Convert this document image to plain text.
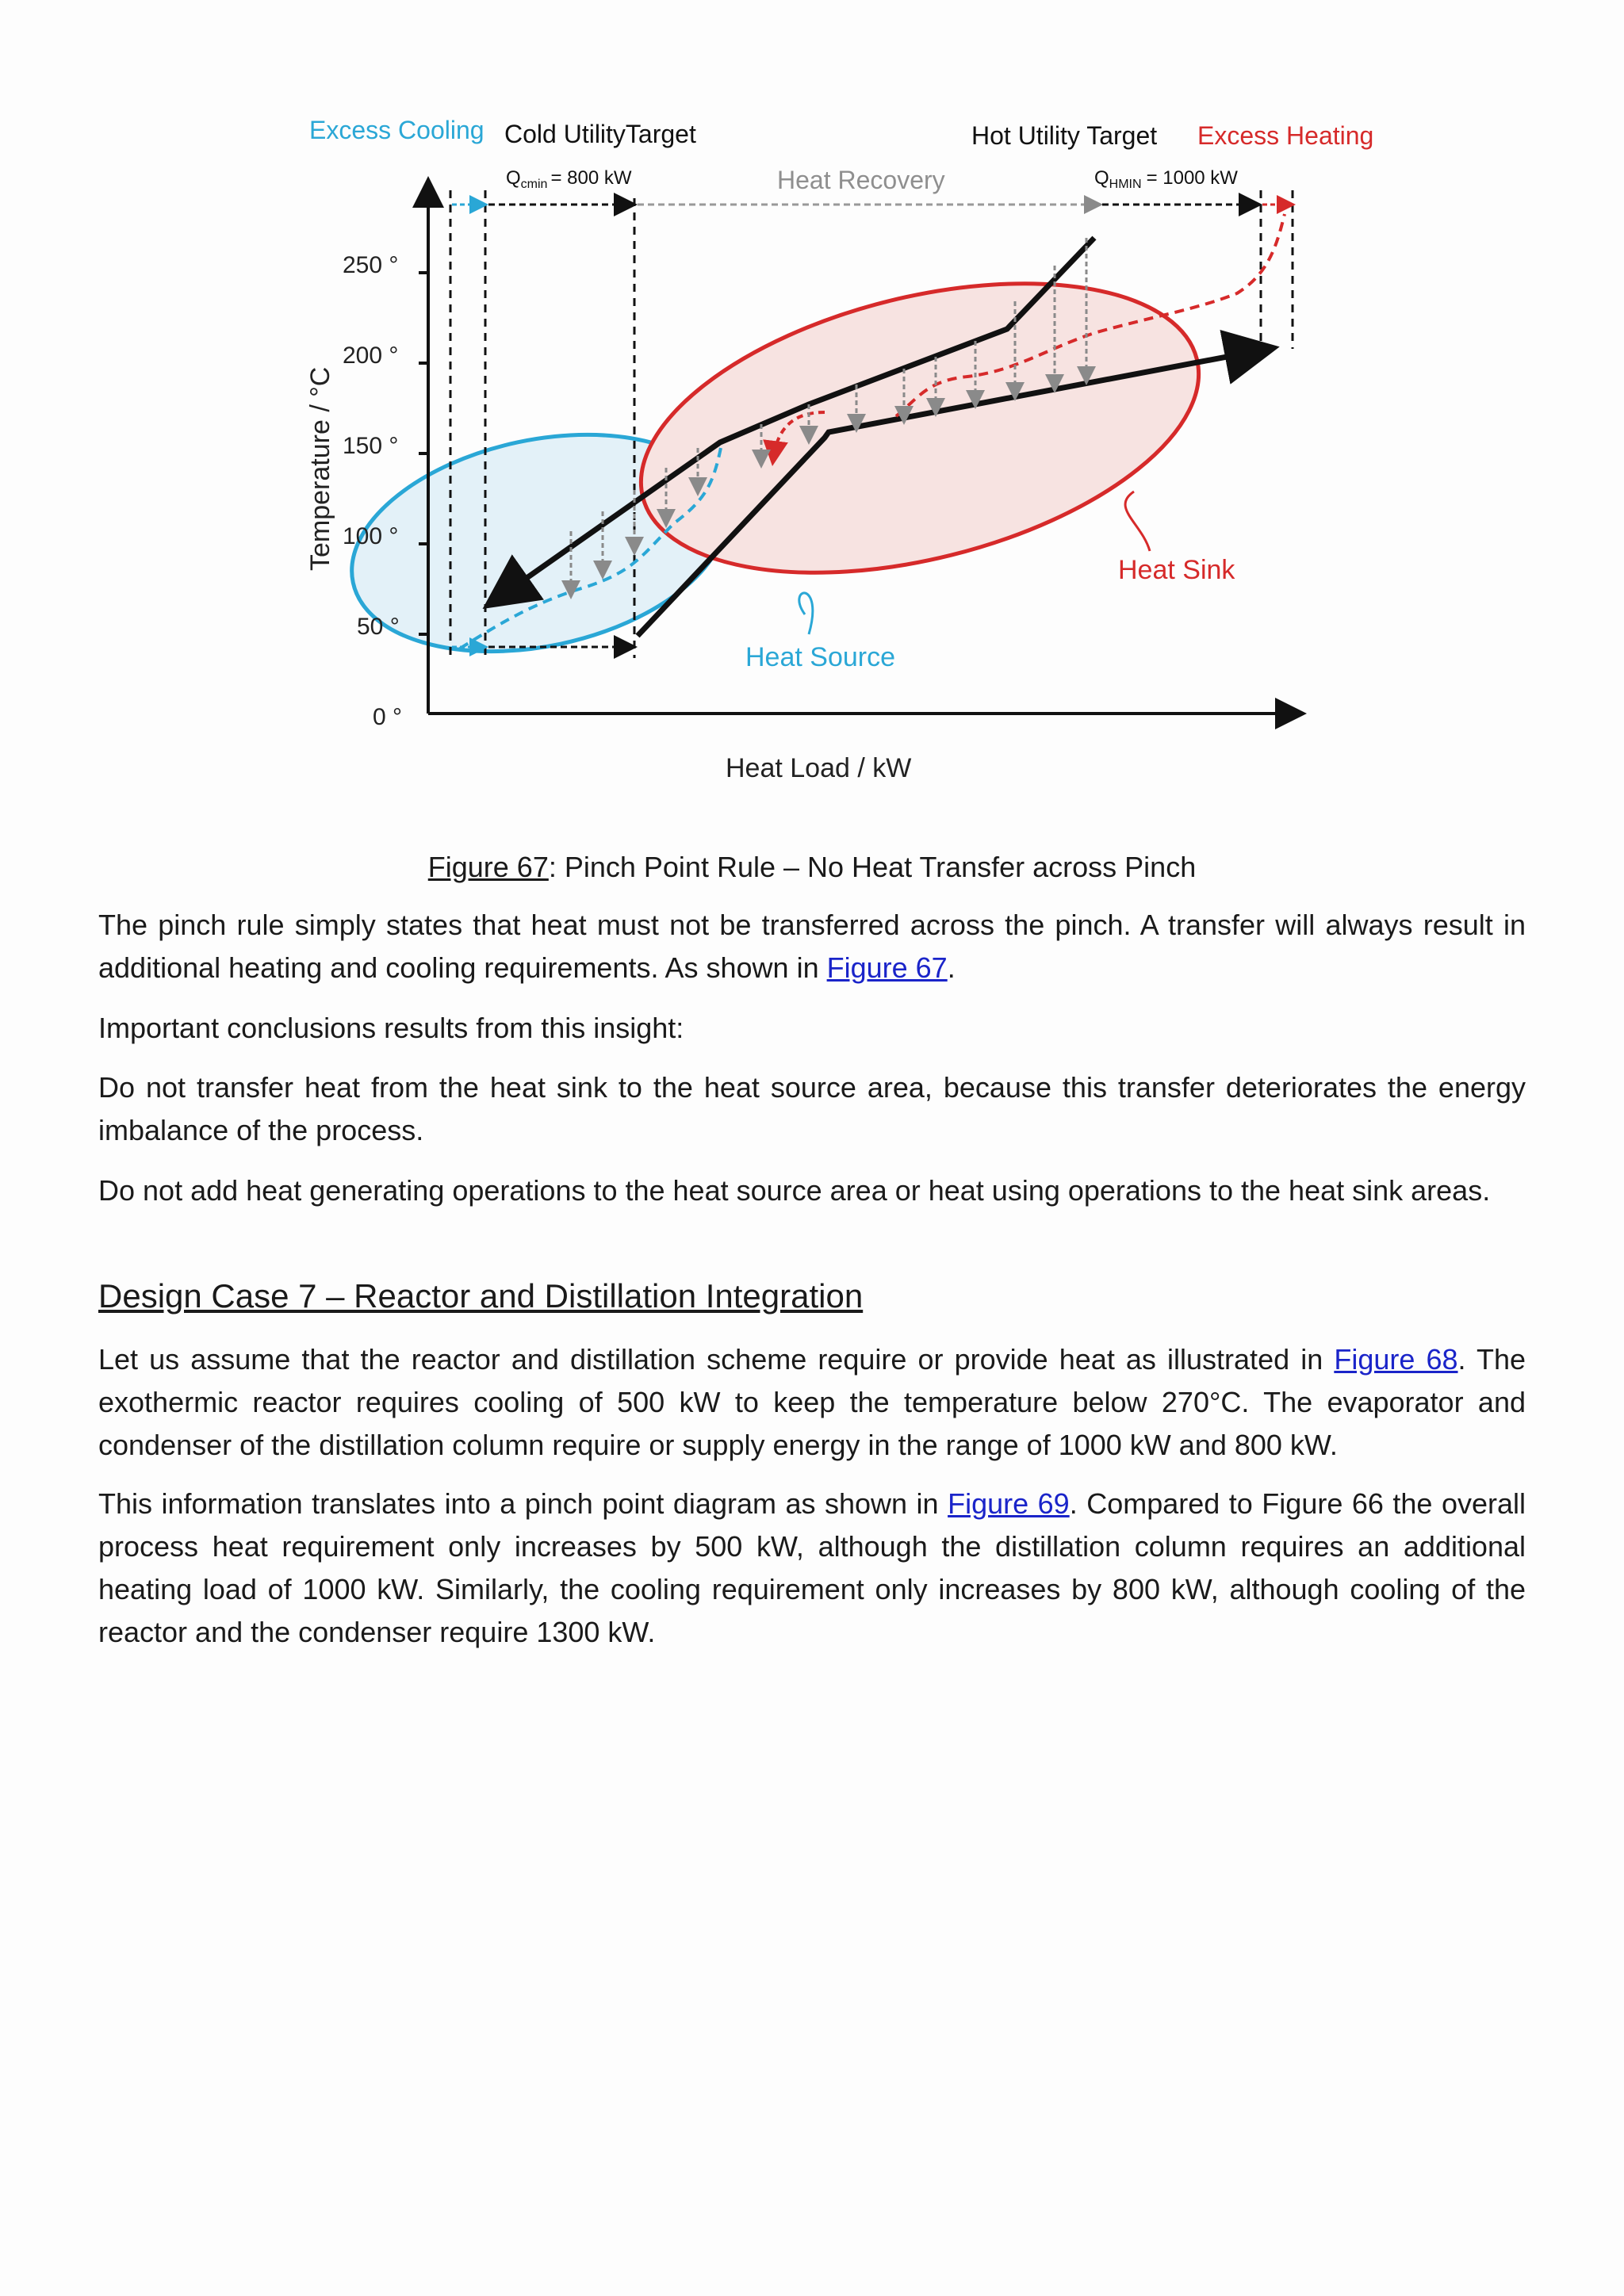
0 °
50 °
100 °
150 °
200 °
250 °
Temperature / °C
Heat Load / kW
Excess Cooling Cold UtilityTarget
$Q_{cmin} = 800$ kW	Heat Recovery
Hot Utility Target Excess Heating
$Q_{HMIN} = 1000$ kW
Heat Sink
Heat Source
Figure 67: Pinch Point Rule – No Heat Transfer across Pinch

The pinch rule simply states that heat must not be transferred across the pinch. A transfer will always result in additional heating and cooling requirements. As shown in Figure 67.

Important conclusions results from this insight:

Do not transfer heat from the heat sink to the heat source area, because this transfer deteriorates the energy imbalance of the process.

Do not add heat generating operations to the heat source area or heat using operations to the heat sink areas.

Design Case 7 – Reactor and Distillation Integration

Let us assume that the reactor and distillation scheme require or provide heat as illustrated in Figure 68. The exothermic reactor requires cooling of 500 kW to keep the temperature below 270°C. The evaporator and condenser of the distillation column require or supply energy in the range of 1000 kW and 800 kW.

This information translates into a pinch point diagram as shown in Figure 69. Compared to Figure 66 the overall process heat requirement only increases by 500 kW, although the distillation column requires an additional heating load of 1000 kW. Similarly, the cooling requirement only increases by 800 kW, although cooling of the reactor and the condenser require 1300 kW.
